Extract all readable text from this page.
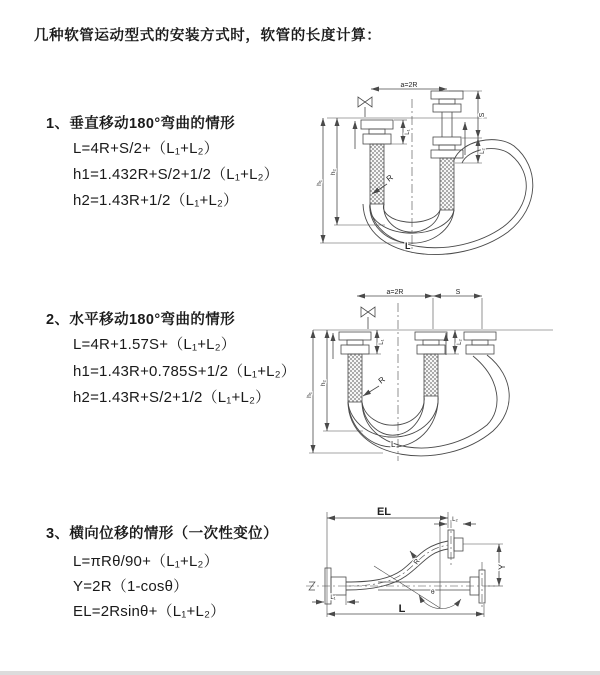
几种软管运动型式的安装方式时，软管的长度计算：
1、垂直移动180°弯曲的情形
L=4R+S/2+（L₁+L₂）
h1=1.432R+S/2+1/2（L₁+L₂）
h2=1.43R+1/2（L₁+L₂）
a=2R
L₁
S
L₂
h₁
h₂
R
L
2、水平移动180°弯曲的情形
L=4R+1.57S+（L₁+L₂）
h1=1.43R+0.785S+1/2（L₁+L₂）
h2=1.43R+S/2+1/2（L₁+L₂）
a=2R	S
L₁	L₂
h₁
h₂	R
L
3、横向位移的情形（一次性变位）
L=πRθ/90+（L₁+L₂）
Y=2R（1-cosθ）
EL=2Rsinθ+（L₁+L₂）
EL
L₂
L₁
Y
R
θ
L
